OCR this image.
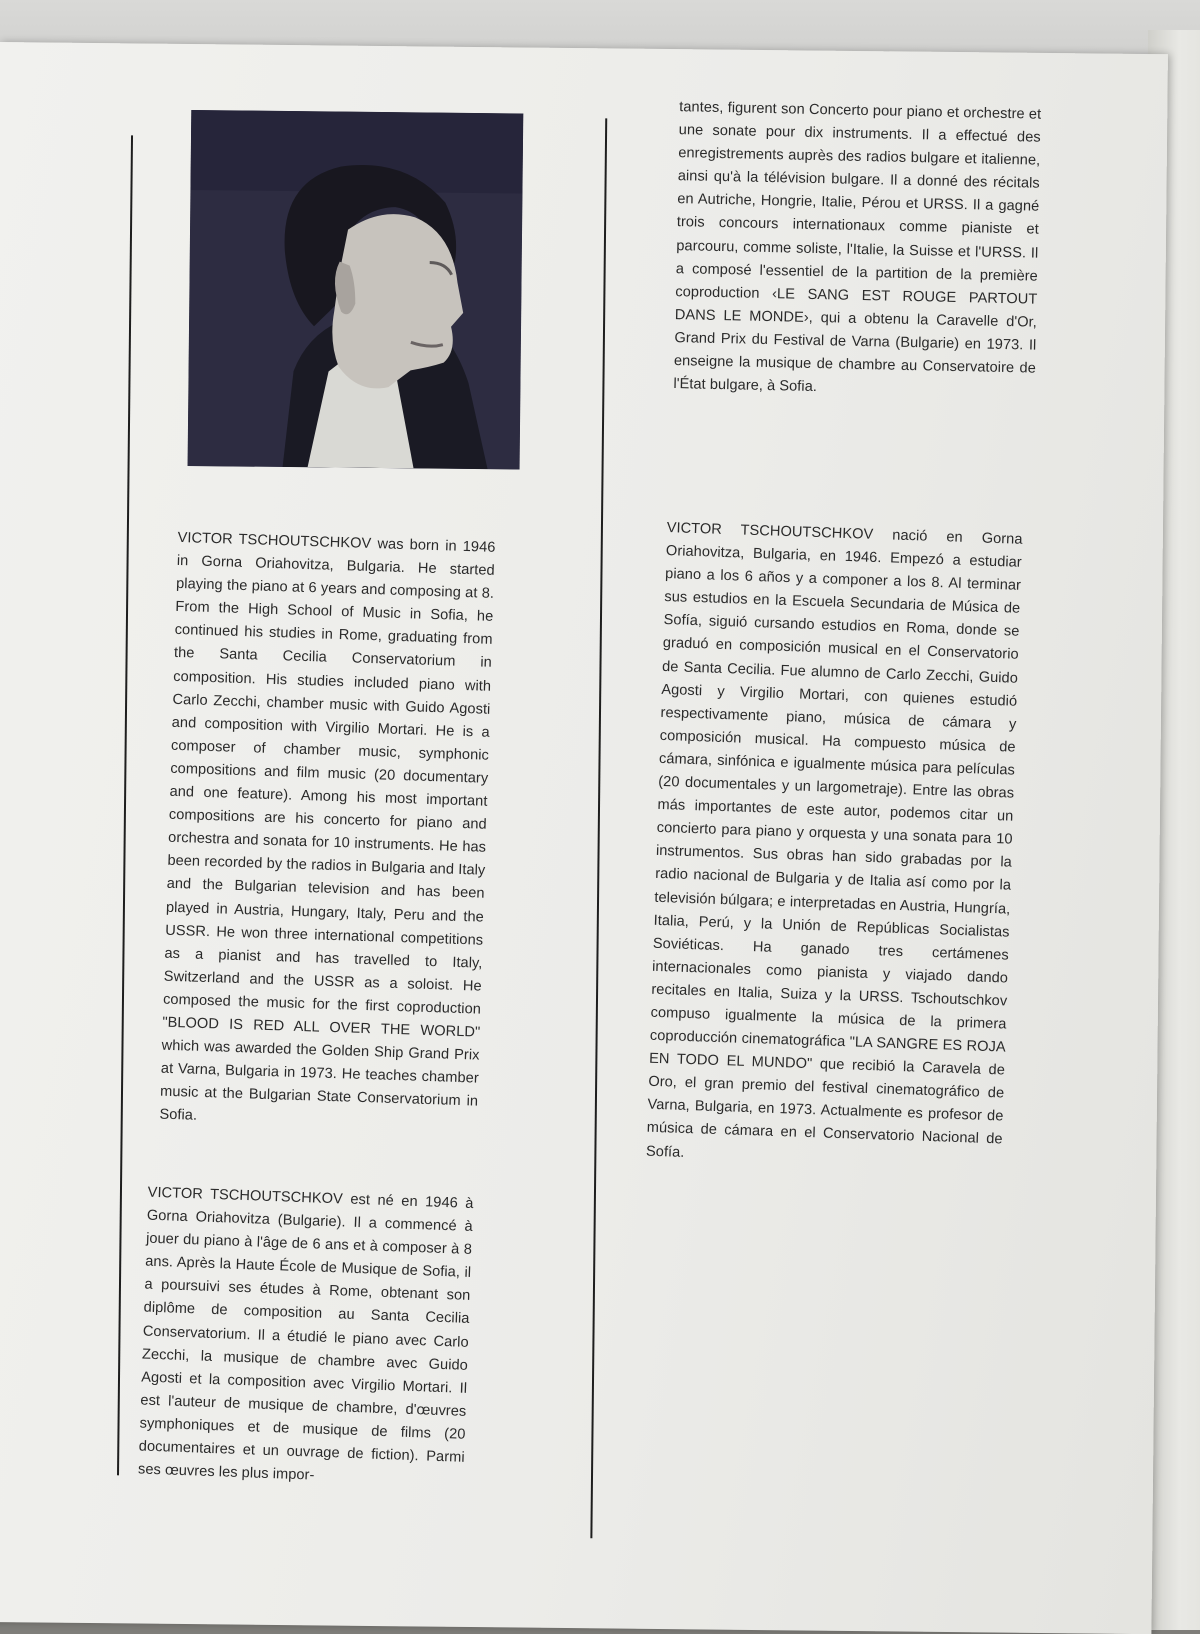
VICTOR TSCHOUTSCHKOV was born in 1946 in Gorna Oriahovitza, Bulgaria. He started playing the piano at 6 years and composing at 8. From the High School of Music in Sofia, he continued his studies in Rome, graduating from the Santa Cecilia Conservatorium in composition. His studies included piano with Carlo Zecchi, chamber music with Guido Agosti and composition with Virgilio Mortari. He is a composer of chamber music, symphonic compositions and film music (20 documentary and one feature). Among his most important compositions are his concerto for piano and orchestra and sonata for 10 instruments. He has been recorded by the radios in Bulgaria and Italy and the Bulgarian television and has been played in Austria, Hungary, Italy, Peru and the USSR. He won three international competitions as a pianist and has travelled to Italy, Switzerland and the USSR as a soloist. He composed the music for the first coproduction "BLOOD IS RED ALL OVER THE WORLD" which was awarded the Golden Ship Grand Prix at Varna, Bulgaria in 1973. He teaches chamber music at the Bulgarian State Conservatorium in Sofia.

VICTOR TSCHOUTSCHKOV est né en 1946 à Gorna Oriahovitza (Bulgarie). Il a commencé à jouer du piano à l'âge de 6 ans et à composer à 8 ans. Après la Haute École de Musique de Sofia, il a poursuivi ses études à Rome, obtenant son diplôme de composition au Santa Cecilia Conservatorium. Il a étudié le piano avec Carlo Zecchi, la musique de chambre avec Guido Agosti et la composition avec Virgilio Mortari. Il est l'auteur de musique de chambre, d'œuvres symphoniques et de musique de films (20 documentaires et un ouvrage de fiction). Parmi ses œuvres les plus impor-

tantes, figurent son Concerto pour piano et orchestre et une sonate pour dix instruments. Il a effectué des enregistrements auprès des radios bulgare et italienne, ainsi qu'à la télévision bulgare. Il a donné des récitals en Autriche, Hongrie, Italie, Pérou et URSS. Il a gagné trois concours internationaux comme pianiste et parcouru, comme soliste, l'Italie, la Suisse et l'URSS. Il a composé l'essentiel de la partition de la première coproduction ‹LE SANG EST ROUGE PARTOUT DANS LE MONDE›, qui a obtenu la Caravelle d'Or, Grand Prix du Festival de Varna (Bulgarie) en 1973. Il enseigne la musique de chambre au Conservatoire de l'État bulgare, à Sofia.

VICTOR TSCHOUTSCHKOV nació en Gorna Oriahovitza, Bulgaria, en 1946. Empezó a estudiar piano a los 6 años y a componer a los 8. Al terminar sus estudios en la Escuela Secundaria de Música de Sofía, siguió cursando estudios en Roma, donde se graduó en composición musical en el Conservatorio de Santa Cecilia. Fue alumno de Carlo Zecchi, Guido Agosti y Virgilio Mortari, con quienes estudió respectivamente piano, música de cámara y composición musical. Ha compuesto música de cámara, sinfónica e igualmente música para películas (20 documentales y un largometraje). Entre las obras más importantes de este autor, podemos citar un concierto para piano y orquesta y una sonata para 10 instrumentos. Sus obras han sido grabadas por la radio nacional de Bulgaria y de Italia así como por la televisión búlgara; e interpretadas en Austria, Hungría, Italia, Perú, y la Unión de Repúblicas Socialistas Soviéticas. Ha ganado tres certámenes internacionales como pianista y viajado dando recitales en Italia, Suiza y la URSS. Tschoutschkov compuso igualmente la música de la primera coproducción cinematográfica "LA SANGRE ES ROJA EN TODO EL MUNDO" que recibió la Caravela de Oro, el gran premio del festival cinematográfico de Varna, Bulgaria, en 1973. Actualmente es profesor de música de cámara en el Conservatorio Nacional de Sofía.
